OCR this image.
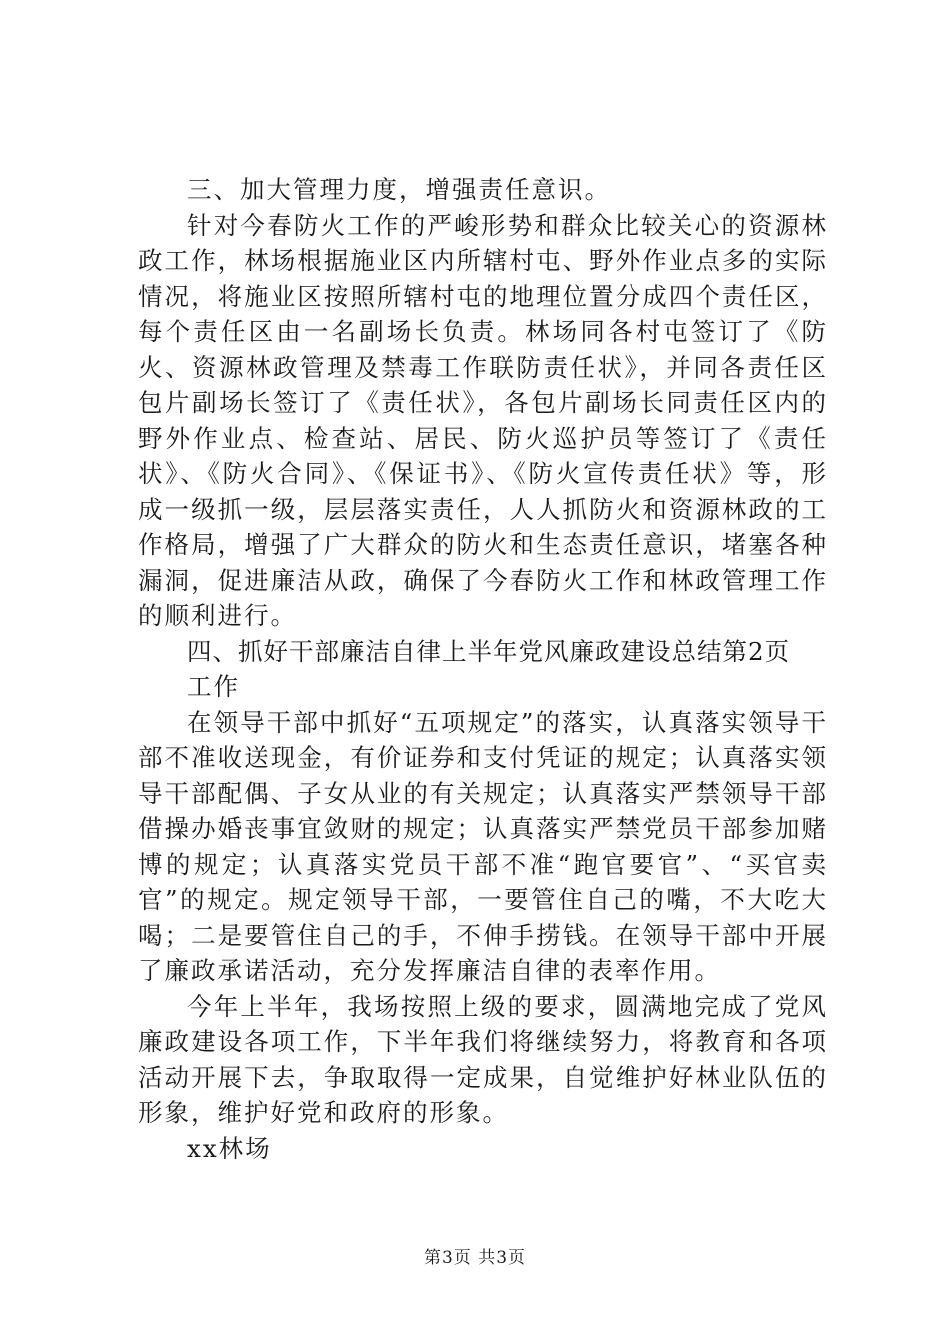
三、加大管理力度，增强责任意识。

针对今春防火工作的严峻形势和群众比较关心的资源林政工作，林场根据施业区内所辖村屯、野外作业点多的实际情况，将施业区按照所辖村屯的地理位置分成四个责任区，每个责任区由一名副场长负责。林场同各村屯签订了《防火、资源林政管理及禁毒工作联防责任状》，并同各责任区包片副场长签订了《责任状》，各包片副场长同责任区内的野外作业点、检查站、居民、防火巡护员等签订了《责任状》、《防火合同》、《保证书》、《防火宣传责任状》等，形成一级抓一级，层层落实责任，人人抓防火和资源林政的工作格局，增强了广大群众的防火和生态责任意识，堵塞各种漏洞，促进廉洁从政，确保了今春防火工作和林政管理工作的顺利进行。

四、抓好干部廉洁自律上半年党风廉政建设总结第2页

工作

在领导干部中抓好“五项规定”的落实，认真落实领导干部不准收送现金，有价证券和支付凭证的规定；认真落实领导干部配偶、子女从业的有关规定；认真落实严禁领导干部借操办婚丧事宜敛财的规定；认真落实严禁党员干部参加赌博的规定；认真落实党员干部不准“跑官要官”、“买官卖官”的规定。规定领导干部，一要管住自己的嘴，不大吃大喝；二是要管住自己的手，不伸手捞钱。在领导干部中开展了廉政承诺活动，充分发挥廉洁自律的表率作用。

今年上半年，我场按照上级的要求，圆满地完成了党风廉政建设各项工作，下半年我们将继续努力，将教育和各项活动开展下去，争取取得一定成果，自觉维护好林业队伍的形象，维护好党和政府的形象。

xx林场

第3页 共3页
